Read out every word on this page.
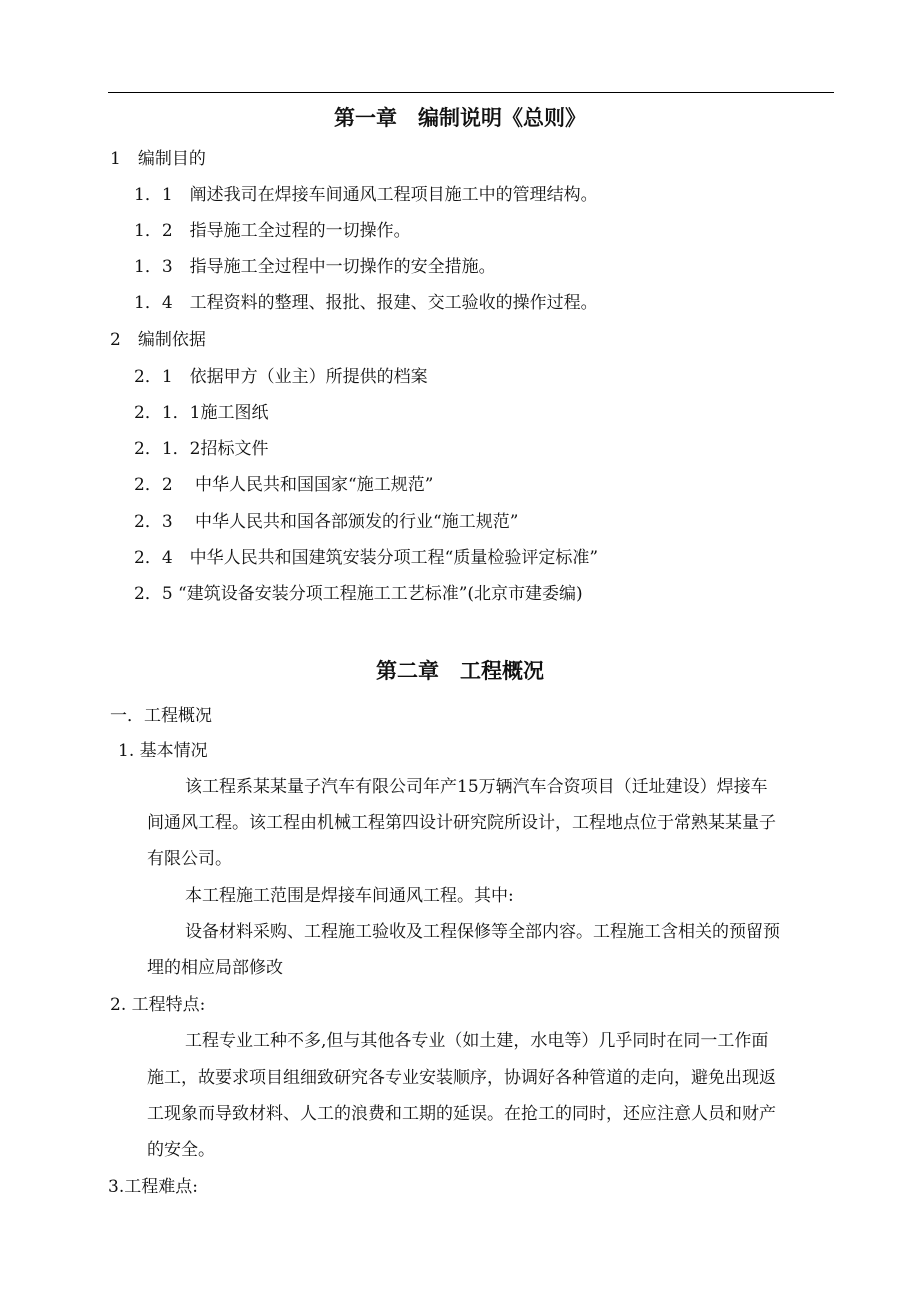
第一章　编制说明《总则》
1　编制目的
1．1　阐述我司在焊接车间通风工程项目施工中的管理结构。
1．2　指导施工全过程的一切操作。
1．3　指导施工全过程中一切操作的安全措施。
1．4　工程资料的整理、报批、报建、交工验收的操作过程。
2　编制依据
2．1　依据甲方（业主）所提供的档案
2．1．1施工图纸
2．1．2招标文件
2．2　 中华人民共和国国家“施工规范”
2．3　 中华人民共和国各部颁发的行业“施工规范”
2．4　中华人民共和国建筑安装分项工程“质量检验评定标准”
2．5 “建筑设备安装分项工程施工工艺标准”(北京市建委编)
第二章　工程概况
一．工程概况
1. 基本情况
该工程系某某量子汽车有限公司年产15万辆汽车合资项目（迁址建设）焊接车
间通风工程。该工程由机械工程第四设计研究院所设计，工程地点位于常熟某某量子
有限公司。
本工程施工范围是焊接车间通风工程。其中:
设备材料采购、工程施工验收及工程保修等全部内容。工程施工含相关的预留预
埋的相应局部修改
2. 工程特点:
工程专业工种不多,但与其他各专业（如土建，水电等）几乎同时在同一工作面
施工，故要求项目组细致研究各专业安装顺序，协调好各种管道的走向，避免出现返
工现象而导致材料、人工的浪费和工期的延误。在抢工的同时，还应注意人员和财产
的安全。
3.工程难点:
